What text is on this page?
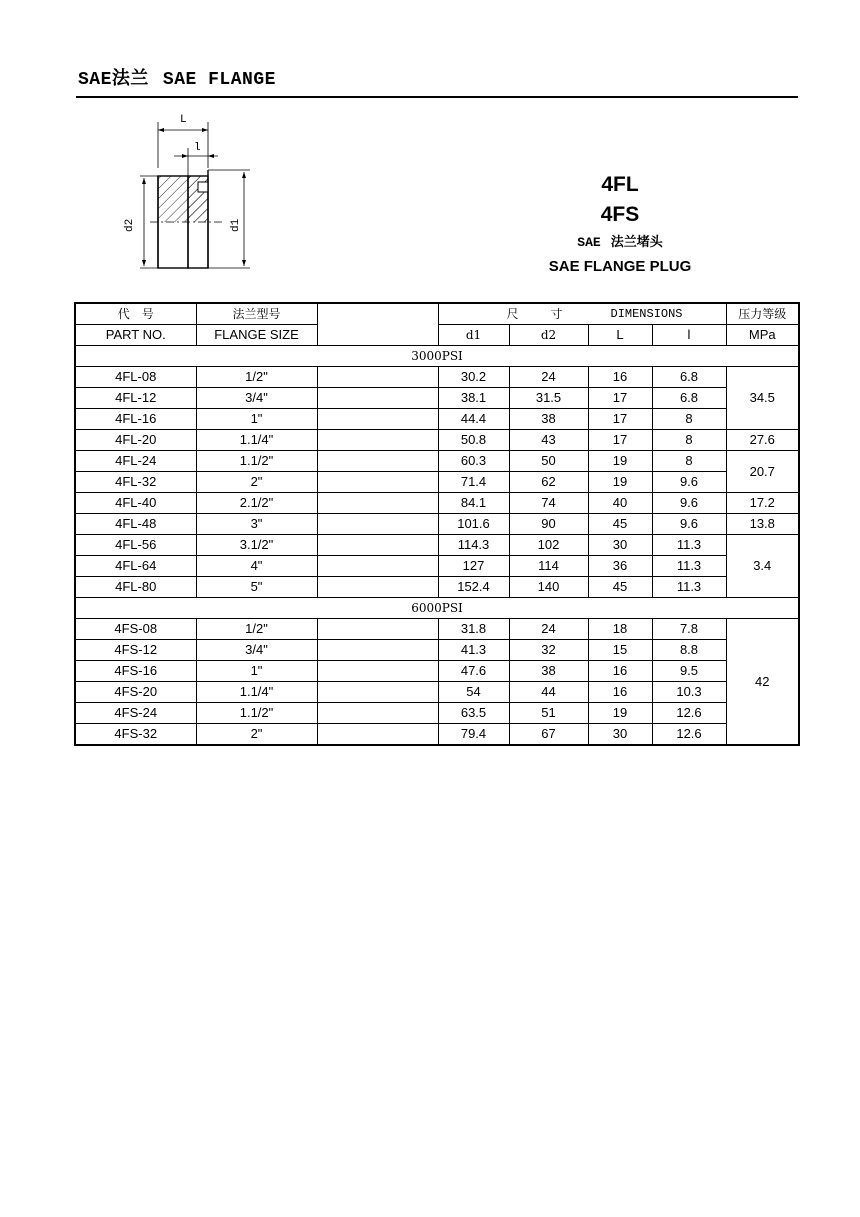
SAE法兰 SAE FLANGE
L
l
d2	d1
4FL
4FS
SAE 法兰堵头
SAE FLANGE PLUG
代　号	法兰型号		尺 寸 DIMENSIONS				压力等级
PART NO.	FLANGE SIZE		d1	d2	L	l	MPa
3000PSI							
4FL-08	1/2"		30.2	24	16	6.8	34.5
4FL-12	3/4"		38.1	31.5	17	6.8	
4FL-16	1"		44.4	38	17	8	
4FL-20	1.1/4"		50.8	43	17	8	27.6
4FL-24	1.1/2"		60.3	50	19	8	20.7
4FL-32	2"		71.4	62	19	9.6	
4FL-40	2.1/2"		84.1	74	40	9.6	17.2
4FL-48	3"		101.6	90	45	9.6	13.8
4FL-56	3.1/2"		114.3	102	30	11.3	3.4
4FL-64	4"		127	114	36	11.3	
4FL-80	5"		152.4	140	45	11.3	
6000PSI							
4FS-08	1/2"		31.8	24	18	7.8	42
4FS-12	3/4"		41.3	32	15	8.8	
4FS-16	1"		47.6	38	16	9.5	
4FS-20	1.1/4"		54	44	16	10.3	
4FS-24	1.1/2"		63.5	51	19	12.6	
4FS-32	2"		79.4	67	30	12.6	
